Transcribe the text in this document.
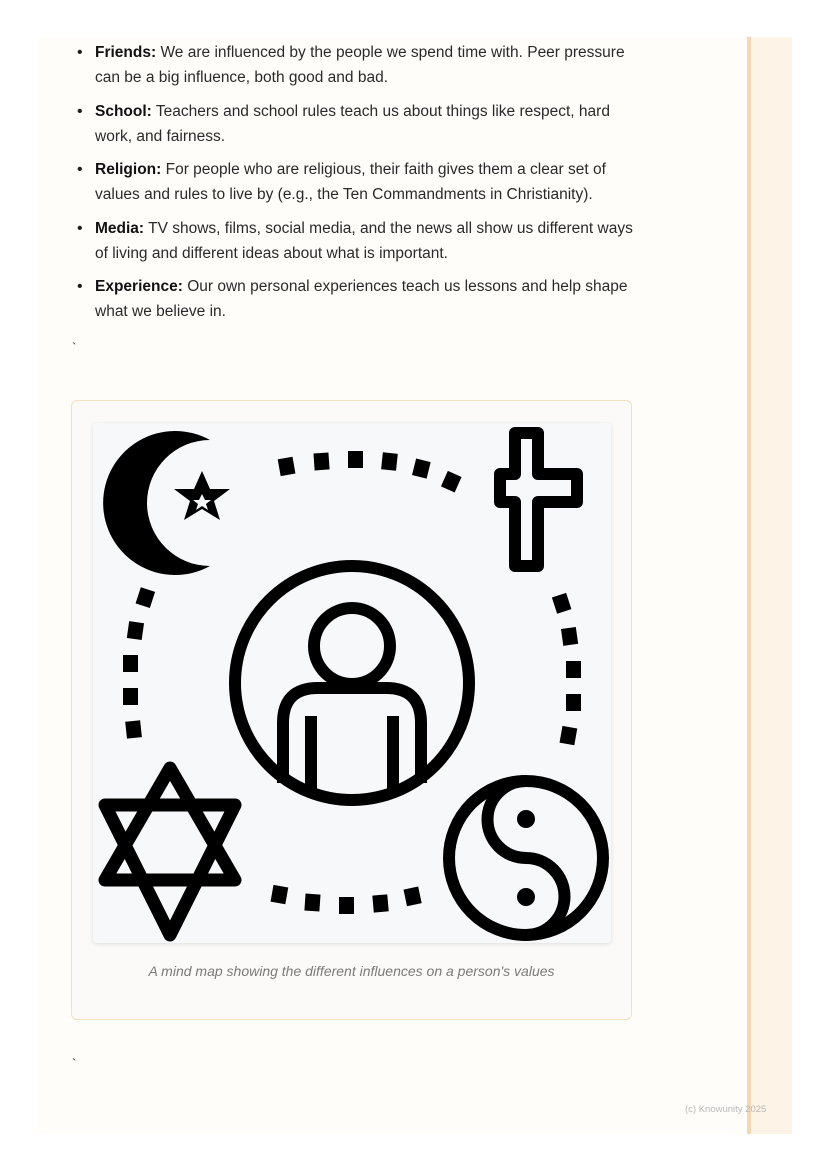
• Friends: We are influenced by the people we spend time with. Peer pressure can be a big influence, both good and bad.
• School: Teachers and school rules teach us about things like respect, hard work, and fairness.
• Religion: For people who are religious, their faith gives them a clear set of values and rules to live by (e.g., the Ten Commandments in Christianity).
• Media: TV shows, films, social media, and the news all show us different ways of living and different ideas about what is important.
• Experience: Our own personal experiences teach us lessons and help shape what we believe in.
`
A mind map showing the different influences on a person's values
`
(c) Knowunity 2025
